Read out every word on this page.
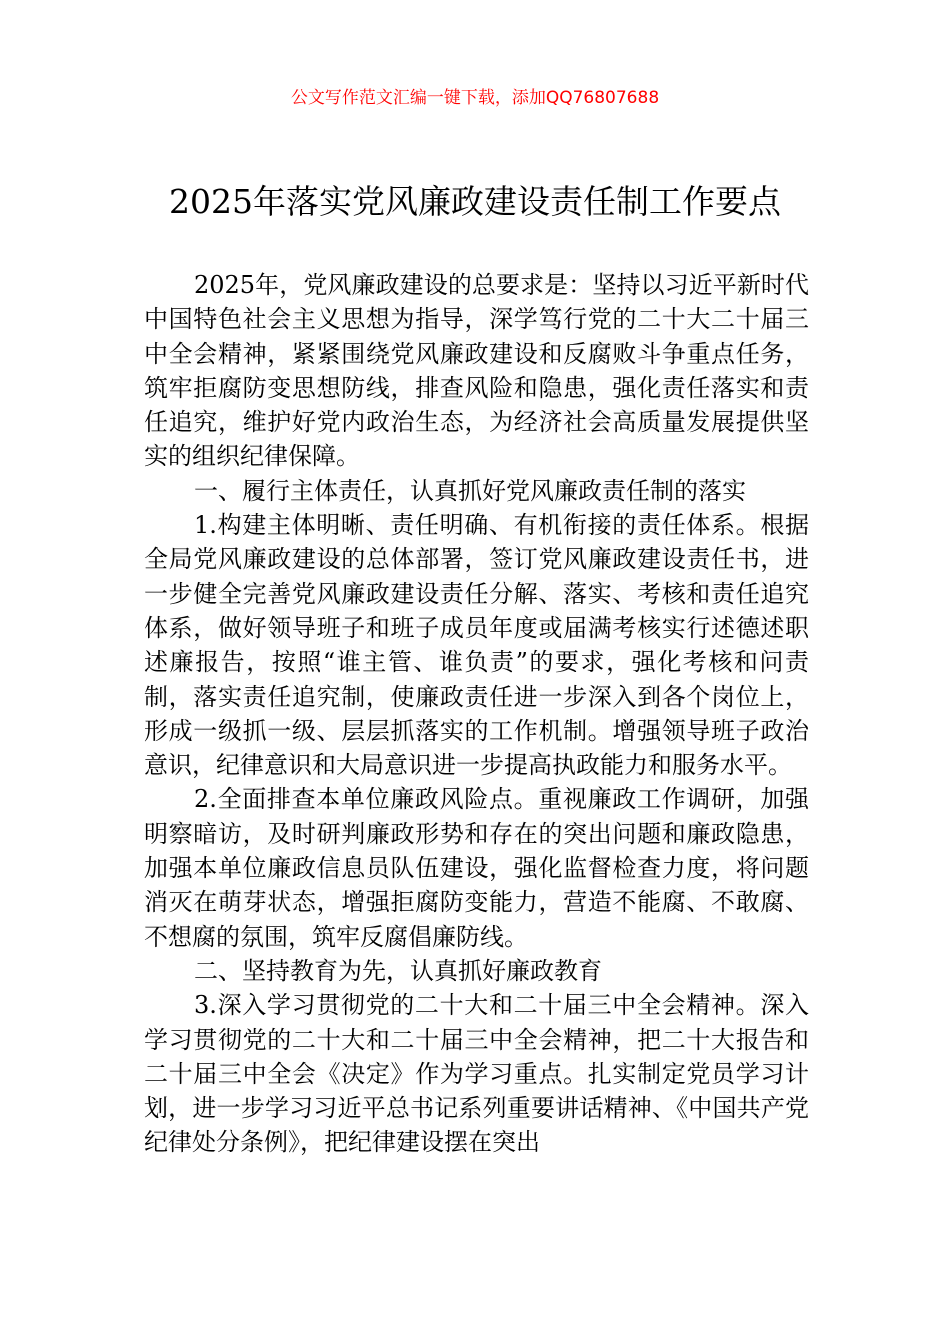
公文写作范文汇编一键下载，添加QQ76807688
2025年落实党风廉政建设责任制工作要点

2025年，党风廉政建设的总要求是：坚持以习近平新时代中国特色社会主义思想为指导，深学笃行党的二十大二十届三中全会精神，紧紧围绕党风廉政建设和反腐败斗争重点任务，筑牢拒腐防变思想防线，排查风险和隐患，强化责任落实和责任追究，维护好党内政治生态，为经济社会高质量发展提供坚实的组织纪律保障。

一、履行主体责任，认真抓好党风廉政责任制的落实

1.构建主体明晰、责任明确、有机衔接的责任体系。根据全局党风廉政建设的总体部署，签订党风廉政建设责任书，进一步健全完善党风廉政建设责任分解、落实、考核和责任追究体系，做好领导班子和班子成员年度或届满考核实行述德述职述廉报告，按照“谁主管、谁负责”的要求，强化考核和问责制，落实责任追究制，使廉政责任进一步深入到各个岗位上，形成一级抓一级、层层抓落实的工作机制。增强领导班子政治意识，纪律意识和大局意识进一步提高执政能力和服务水平。

2.全面排查本单位廉政风险点。重视廉政工作调研，加强明察暗访，及时研判廉政形势和存在的突出问题和廉政隐患，加强本单位廉政信息员队伍建设，强化监督检查力度，将问题消灭在萌芽状态，增强拒腐防变能力，营造不能腐、不敢腐、不想腐的氛围，筑牢反腐倡廉防线。

二、坚持教育为先，认真抓好廉政教育

3.深入学习贯彻党的二十大和二十届三中全会精神。深入学习贯彻党的二十大和二十届三中全会精神，把二十大报告和二十届三中全会《决定》作为学习重点。扎实制定党员学习计划，进一步学习习近平总书记系列重要讲话精神、《中国共产党纪律处分条例》，把纪律建设摆在突出
